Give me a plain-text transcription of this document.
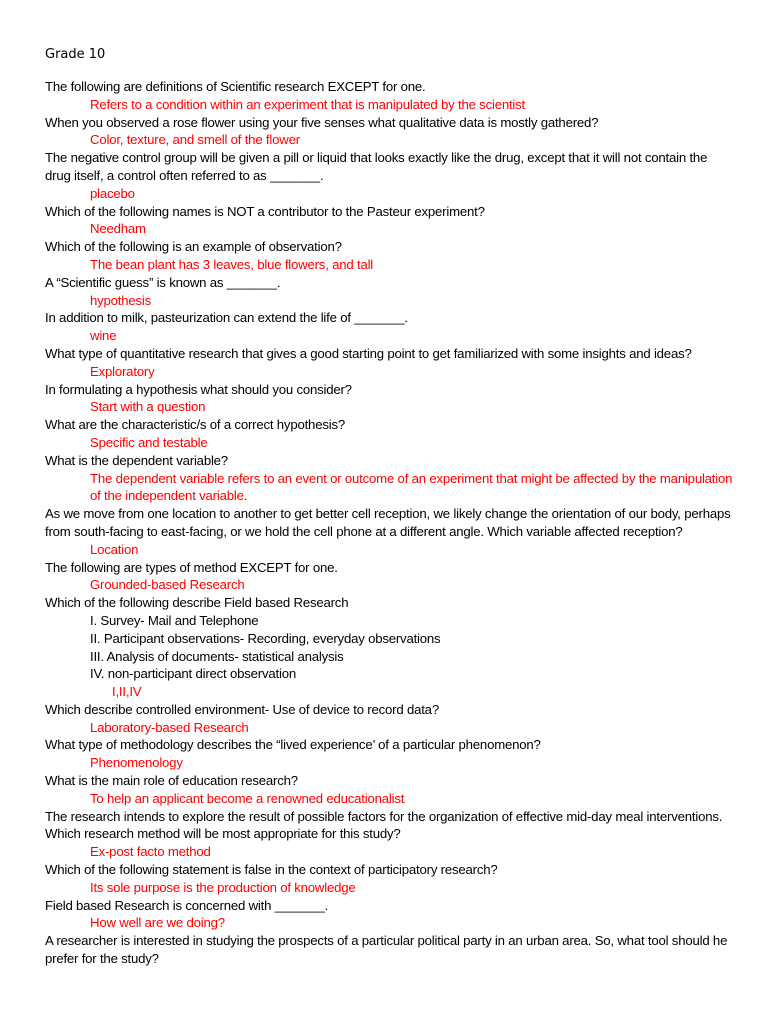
Grade 10

The following are definitions of Scientific research EXCEPT for one.

Refers to a condition within an experiment that is manipulated by the scientist

When you observed a rose flower using your five senses what qualitative data is mostly gathered?

Color, texture, and smell of the flower

The negative control group will be given a pill or liquid that looks exactly like the drug, except that it will not contain the drug itself, a control often referred to as _______.

placebo

Which of the following names is NOT a contributor to the Pasteur experiment?

Needham

Which of the following is an example of observation?

The bean plant has 3 leaves, blue flowers, and tall

A “Scientific guess” is known as _______.

hypothesis

In addition to milk, pasteurization can extend the life of _______.

wine

What type of quantitative research that gives a good starting point to get familiarized with some insights and ideas?

Exploratory

In formulating a hypothesis what should you consider?

Start with a question

What are the characteristic/s of a correct hypothesis?

Specific and testable

What is the dependent variable?

The dependent variable refers to an event or outcome of an experiment that might be affected by the manipulation of the independent variable.

As we move from one location to another to get better cell reception, we likely change the orientation of our body, perhaps from south-facing to east-facing, or we hold the cell phone at a different angle. Which variable affected reception?

Location

The following are types of method EXCEPT for one.

Grounded-based Research

Which of the following describe Field based Research

I. Survey- Mail and Telephone

II. Participant observations- Recording, everyday observations

III. Analysis of documents- statistical analysis

IV. non-participant direct observation

I,II,IV

Which describe controlled environment- Use of device to record data?

Laboratory-based Research

What type of methodology describes the “lived experience’ of a particular phenomenon?

Phenomenology

What is the main role of education research?

To help an applicant become a renowned educationalist

The research intends to explore the result of possible factors for the organization of effective mid-day meal interventions. Which research method will be most appropriate for this study?

Ex-post facto method

Which of the following statement is false in the context of participatory research?

Its sole purpose is the production of knowledge

Field based Research is concerned with _______.

How well are we doing?

A researcher is interested in studying the prospects of a particular political party in an urban area. So, what tool should he prefer for the study?
